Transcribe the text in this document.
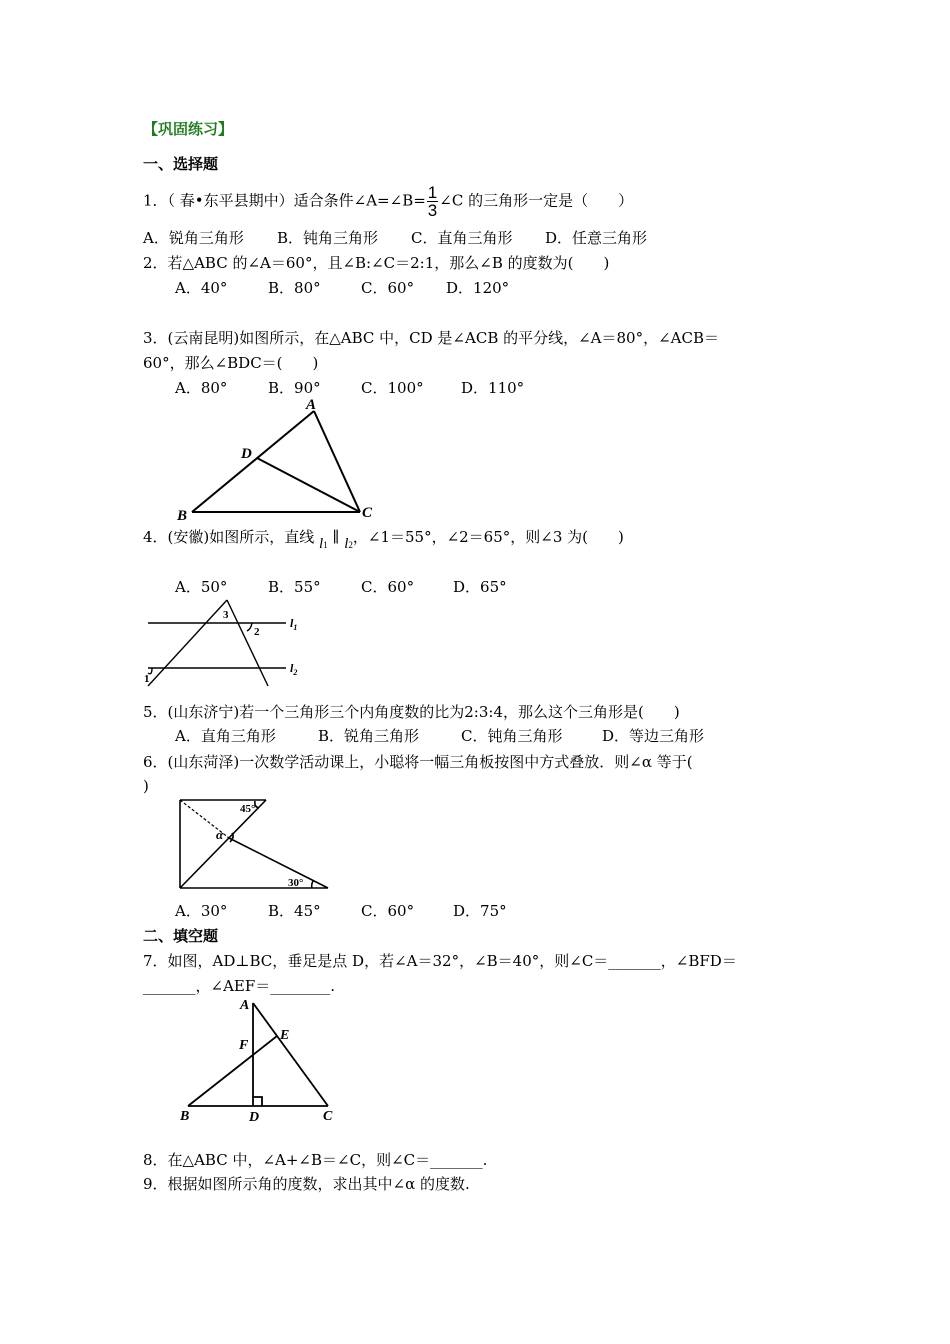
【巩固练习】
一、选择题
1．（ 春•东平县期中）适合条件∠A=∠B= $\frac{1}{3}$ ∠C 的三角形一定是（　　）
A．锐角三角形 B．钝角三角形 C．直角三角形 D．任意三角形
2．若△ABC 的∠A＝60°，且∠B:∠C＝2:1，那么∠B 的度数为(　　)
A．40°	B．80°	C．60° D．120°
3．(云南昆明)如图所示，在△ABC 中，CD 是∠ACB 的平分线，∠A＝80°，∠ACB＝
60°，那么∠BDC＝(　　)
A．80°	B．90°	C．100° D．110°
A
D
B	C
4．(安徽)如图所示，直线 l1 ∥ l2，∠1＝55°，∠2＝65°，则∠3 为(　　)
A．50°	B．55°	C．60°	D．65°
3
2
1
$l_1$
$l_2$
5．(山东济宁)若一个三角形三个内角度数的比为2:3:4，那么这个三角形是(　　)
A．直角三角形	B．锐角三角形	C．钝角三角形	D．等边三角形
6．(山东菏泽)一次数学活动课上，小聪将一幅三角板按图中方式叠放．则∠α 等于(
)
45°
α
30°
A．30°	B．45°	C．60°	D．75°
二、填空题
7．如图，AD⊥BC，垂足是点 D，若∠A＝32°，∠B＝40°，则∠C＝_______，∠BFD＝
_______，∠AEF＝________.
A
E
F
B	D	C
8．在△ABC 中，∠A+∠B＝∠C，则∠C＝_______.
9．根据如图所示角的度数，求出其中∠α 的度数.
